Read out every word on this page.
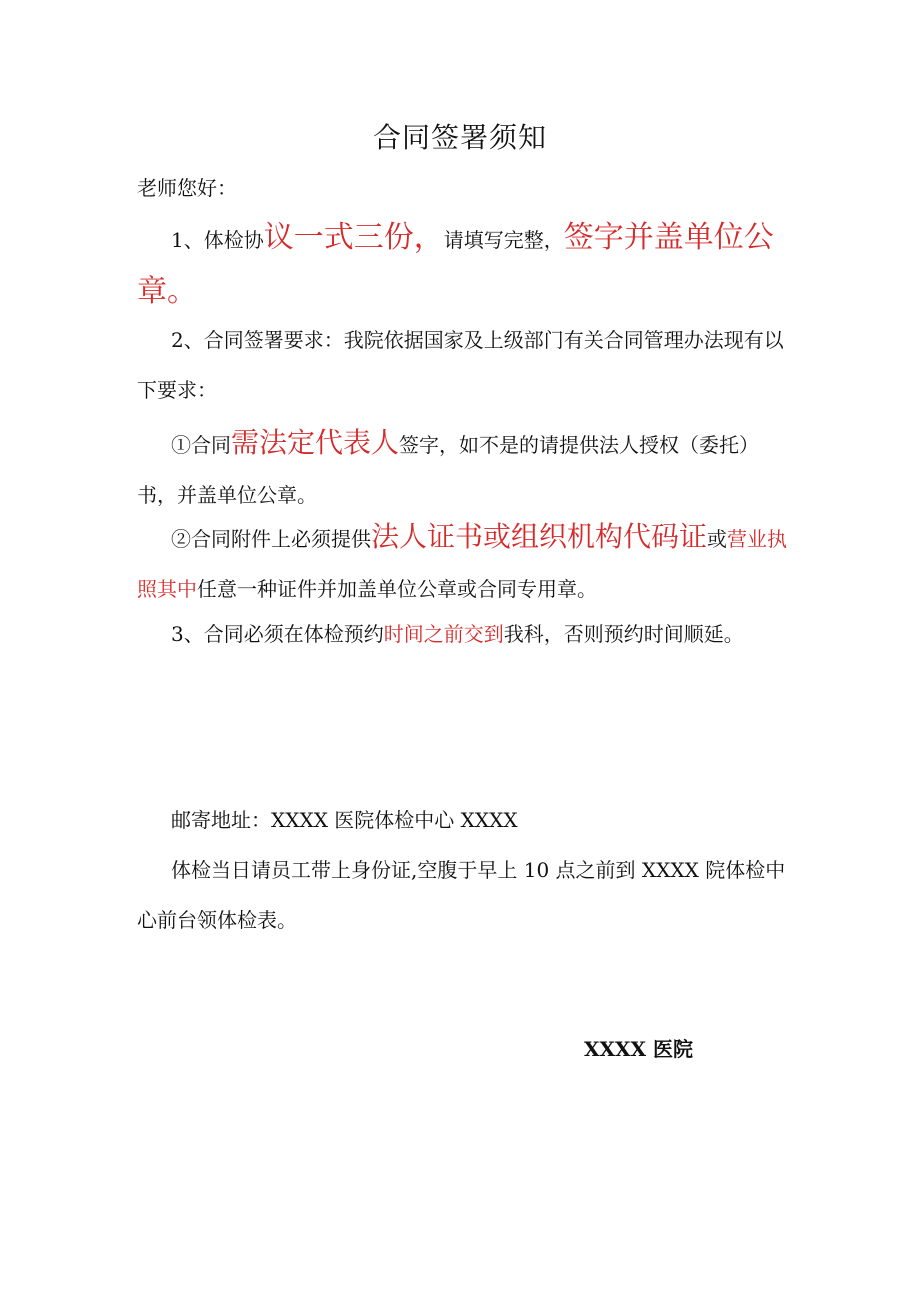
合同签署须知
老师您好：

1、体检协议一式三份，请填写完整，签字并盖单位公章。

2、合同签署要求：我院依据国家及上级部门有关合同管理办法现有以下要求：

①合同需法定代表人签字，如不是的请提供法人授权（委托）书，并盖单位公章。

②合同附件上必须提供法人证书或组织机构代码证或营业执照其中任意一种证件并加盖单位公章或合同专用章。

3、合同必须在体检预约时间之前交到我科，否则预约时间顺延。

邮寄地址：XXXX 医院体检中心 XXXX

体检当日请员工带上身份证,空腹于早上 10 点之前到 XXXX 院体检中心前台领体检表。

XXXX 医院
